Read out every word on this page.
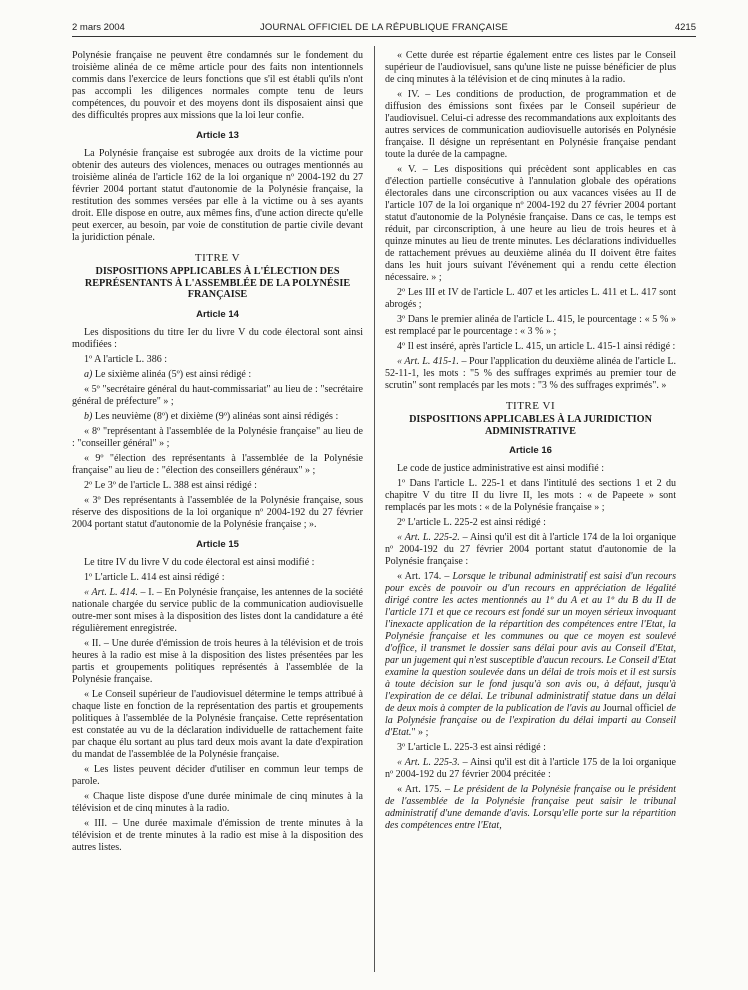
2 mars 2004	JOURNAL OFFICIEL DE LA RÉPUBLIQUE FRANÇAISE	4215

Polynésie française ne peuvent être condamnés sur le fondement du troisième alinéa de ce même article pour des faits non intentionnels commis dans l'exercice de leurs fonctions que s'il est établi qu'ils n'ont pas accompli les diligences normales compte tenu de leurs compétences, du pouvoir et des moyens dont ils disposaient ainsi que des difficultés propres aux missions que la loi leur confie.

Article 13

La Polynésie française est subrogée aux droits de la victime pour obtenir des auteurs des violences, menaces ou outrages mentionnés au troisième alinéa de l'article 162 de la loi organique nº 2004-192 du 27 février 2004 portant statut d'autonomie de la Polynésie française, la restitution des sommes versées par elle à la victime ou à ses ayants droit. Elle dispose en outre, aux mêmes fins, d'une action directe qu'elle peut exercer, au besoin, par voie de constitution de partie civile devant la juridiction pénale.

TITRE V

DISPOSITIONS APPLICABLES À L'ÉLECTION DES REPRÉSENTANTS À L'ASSEMBLÉE DE LA POLYNÉSIE FRANÇAISE

Article 14

Les dispositions du titre Ier du livre V du code électoral sont ainsi modifiées :

1º A l'article L. 386 :

a) Le sixième alinéa (5º) est ainsi rédigé :

« 5º "secrétaire général du haut-commissariat" au lieu de : "secrétaire général de préfecture" » ;

b) Les neuvième (8º) et dixième (9º) alinéas sont ainsi rédigés :

« 8º "représentant à l'assemblée de la Polynésie française" au lieu de : "conseiller général" » ;

« 9º "élection des représentants à l'assemblée de la Polynésie française" au lieu de : "élection des conseillers généraux" » ;

2º Le 3º de l'article L. 388 est ainsi rédigé :

« 3º Des représentants à l'assemblée de la Polynésie française, sous réserve des dispositions de la loi organique nº 2004-192 du 27 février 2004 portant statut d'autonomie de la Polynésie française ; ».

Article 15

Le titre IV du livre V du code électoral est ainsi modifié :

1º L'article L. 414 est ainsi rédigé :

« Art. L. 414. – I. – En Polynésie française, les antennes de la société nationale chargée du service public de la communication audiovisuelle outre-mer sont mises à la disposition des listes dont la candidature a été régulièrement enregistrée.

« II. – Une durée d'émission de trois heures à la télévision et de trois heures à la radio est mise à la disposition des listes présentées par les partis et groupements politiques représentés à l'assemblée de la Polynésie française.

« Le Conseil supérieur de l'audiovisuel détermine le temps attribué à chaque liste en fonction de la représentation des partis et groupements politiques à l'assemblée de la Polynésie française. Cette représentation est constatée au vu de la déclaration individuelle de rattachement faite par chaque élu sortant au plus tard deux mois avant la date d'expiration du mandat de l'assemblée de la Polynésie française.

« Les listes peuvent décider d'utiliser en commun leur temps de parole.

« Chaque liste dispose d'une durée minimale de cinq minutes à la télévision et de cinq minutes à la radio.

« III. – Une durée maximale d'émission de trente minutes à la télévision et de trente minutes à la radio est mise à la disposition des autres listes.

« Cette durée est répartie également entre ces listes par le Conseil supérieur de l'audiovisuel, sans qu'une liste ne puisse bénéficier de plus de cinq minutes à la télévision et de cinq minutes à la radio.

« IV. – Les conditions de production, de programmation et de diffusion des émissions sont fixées par le Conseil supérieur de l'audiovisuel. Celui-ci adresse des recommandations aux exploitants des autres services de communication audiovisuelle autorisés en Polynésie française. Il désigne un représentant en Polynésie française pendant toute la durée de la campagne.

« V. – Les dispositions qui précèdent sont applicables en cas d'élection partielle consécutive à l'annulation globale des opérations électorales dans une circonscription ou aux vacances visées au II de l'article 107 de la loi organique nº 2004-192 du 27 février 2004 portant statut d'autonomie de la Polynésie française. Dans ce cas, le temps est réduit, par circonscription, à une heure au lieu de trois heures et à quinze minutes au lieu de trente minutes. Les déclarations individuelles de rattachement prévues au deuxième alinéa du II doivent être faites dans les huit jours suivant l'événement qui a rendu cette élection nécessaire. » ;

2º Les III et IV de l'article L. 407 et les articles L. 411 et L. 417 sont abrogés ;

3º Dans le premier alinéa de l'article L. 415, le pourcentage : « 5 % » est remplacé par le pourcentage : « 3 % » ;

4º Il est inséré, après l'article L. 415, un article L. 415-1 ainsi rédigé :

« Art. L. 415-1. – Pour l'application du deuxième alinéa de l'article L. 52-11-1, les mots : "5 % des suffrages exprimés au premier tour de scrutin" sont remplacés par les mots : "3 % des suffrages exprimés". »

TITRE VI

DISPOSITIONS APPLICABLES À LA JURIDICTION ADMINISTRATIVE

Article 16

Le code de justice administrative est ainsi modifié :

1º Dans l'article L. 225-1 et dans l'intitulé des sections 1 et 2 du chapitre V du titre II du livre II, les mots : « de Papeete » sont remplacés par les mots : « de la Polynésie française » ;

2º L'article L. 225-2 est ainsi rédigé :

« Art. L. 225-2. – Ainsi qu'il est dit à l'article 174 de la loi organique nº 2004-192 du 27 février 2004 portant statut d'autonomie de la Polynésie française :

« Art. 174. – Lorsque le tribunal administratif est saisi d'un recours pour excès de pouvoir ou d'un recours en appréciation de légalité dirigé contre les actes mentionnés au 1º du A et au 1º du B du II de l'article 171 et que ce recours est fondé sur un moyen sérieux invoquant l'inexacte application de la répartition des compétences entre l'Etat, la Polynésie française et les communes ou que ce moyen est soulevé d'office, il transmet le dossier sans délai pour avis au Conseil d'Etat, par un jugement qui n'est susceptible d'aucun recours. Le Conseil d'Etat examine la question soulevée dans un délai de trois mois et il est sursis à toute décision sur le fond jusqu'à son avis ou, à défaut, jusqu'à l'expiration de ce délai. Le tribunal administratif statue dans un délai de deux mois à compter de la publication de l'avis au Journal officiel de la Polynésie française ou de l'expiration du délai imparti au Conseil d'Etat." » ;

3º L'article L. 225-3 est ainsi rédigé :

« Art. L. 225-3. – Ainsi qu'il est dit à l'article 175 de la loi organique nº 2004-192 du 27 février 2004 précitée :

« Art. 175. – Le président de la Polynésie française ou le président de l'assemblée de la Polynésie française peut saisir le tribunal administratif d'une demande d'avis. Lorsqu'elle porte sur la répartition des compétences entre l'Etat,
